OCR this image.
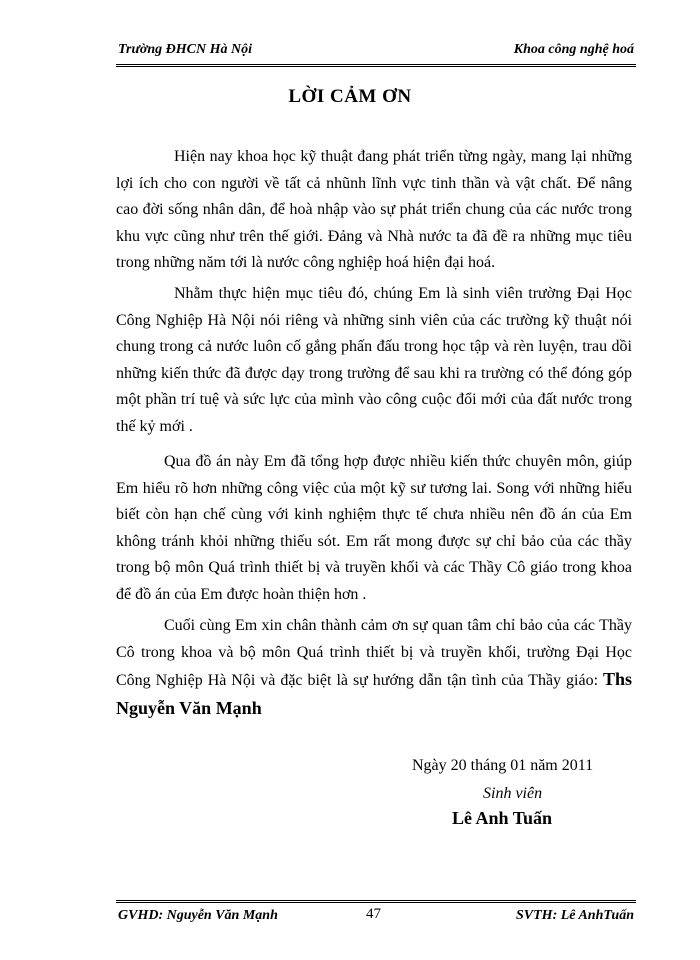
Trường ĐHCN Hà Nội	Khoa công nghệ hoá
LỜI CẢM ƠN

Hiện nay khoa học kỹ thuật đang phát triển từng ngày, mang lại những lợi ích cho con người về tất cả nhũnh lĩnh vực tinh thần và vật chất. Để nâng cao đời sống nhân dân, để hoà nhập vào sự phát triển chung của các nước trong khu vực cũng như trên thế giới. Đảng và Nhà nước ta đã đề ra những mục tiêu trong những năm tới là nước công nghiệp hoá hiện đại hoá.

Nhằm thực hiện mục tiêu đó, chúng Em là sinh viên trường Đại Học Công Nghiệp Hà Nội nói riêng và những sinh viên của các trường kỹ thuật nói chung trong cả nước luôn cố gắng phấn đấu trong học tập và rèn luyện, trau dồi những kiến thức đã được dạy trong trường để sau khi ra trường có thể đóng góp một phần trí tuệ và sức lực của mình vào công cuộc đổi mới của đất nước trong thế kỷ mới .

Qua đồ án này Em đã tổng hợp được nhiều kiến thức chuyên môn, giúp Em hiểu rõ hơn những công việc của một kỹ sư tương lai. Song với những hiểu biết còn hạn chế cùng với kinh nghiệm thực tế chưa nhiều nên đồ án của Em không tránh khỏi những thiếu sót. Em rất mong được sự chỉ bảo của các thầy trong bộ môn Quá trình thiết bị và truyền khối và các Thầy Cô giáo trong khoa để đồ án của Em được hoàn thiện hơn .

Cuối cùng Em xin chân thành cảm ơn sự quan tâm chỉ bảo của các Thầy Cô trong khoa và bộ môn Quá trình thiết bị và truyền khối, trường Đại Học Công Nghiệp Hà Nội và đặc biệt là sự hướng dẫn tận tình của Thầy giáo: Ths Nguyễn Văn Mạnh

Ngày 20 tháng 01 năm 2011
Sinh viên
Lê Anh Tuấn
GVHD: Nguyễn Văn Mạnh	47	SVTH: Lê AnhTuấn
